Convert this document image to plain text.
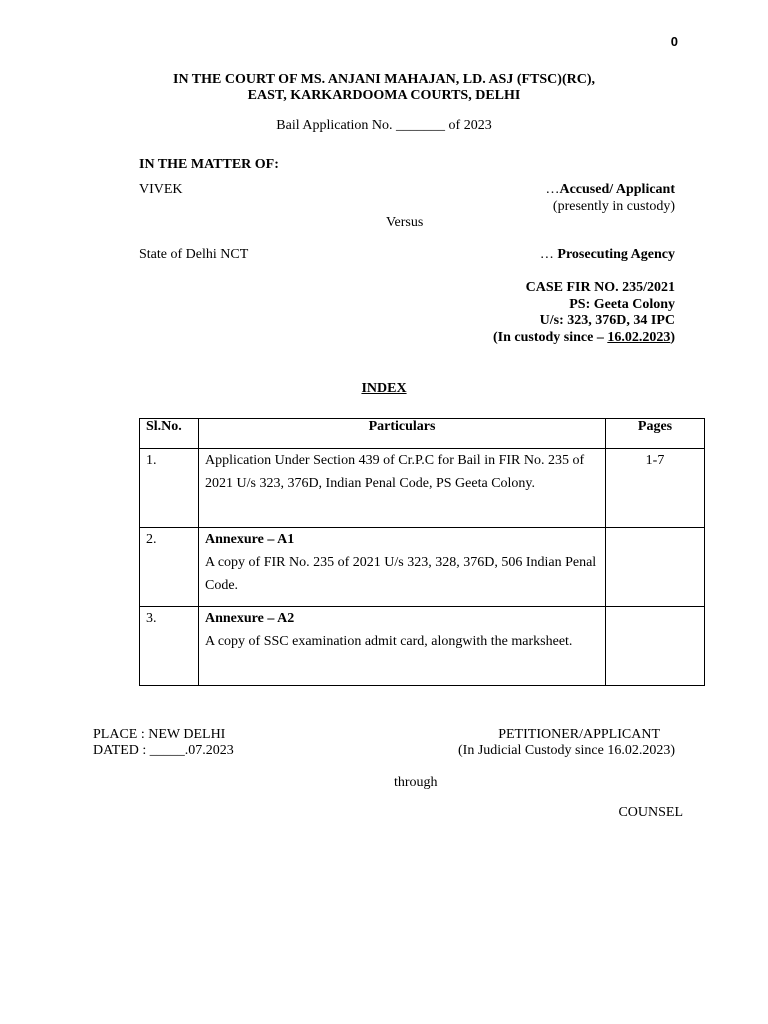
0
IN THE COURT OF MS. ANJANI MAHAJAN, LD. ASJ (FTSC)(RC),
EAST, KARKARDOOMA COURTS, DELHI
Bail Application No. _______ of 2023
IN THE MATTER OF:
VIVEK	…Accused/ Applicant
(presently in custody)
Versus
State of Delhi NCT	… Prosecuting Agency
CASE FIR NO. 235/2021
PS: Geeta Colony
U/s: 323, 376D, 34 IPC
(In custody since – 16.02.2023)
INDEX
Sl.No.	Particulars	Pages
1.	Application Under Section 439 of Cr.P.C for Bail in FIR No. 235 of 2021 U/s 323, 376D, Indian Penal Code, PS Geeta Colony.	1-7
2.	Annexure – A1
A copy of FIR No. 235 of 2021 U/s 323, 328, 376D, 506 Indian Penal Code.	

3.	Annexure – A2
A copy of SSC examination admit card, alongwith the marksheet.	

PLACE : NEW DELHI
DATED : _____.07.2023
PETITIONER/APPLICANT
(In Judicial Custody since 16.02.2023)
through
COUNSEL
